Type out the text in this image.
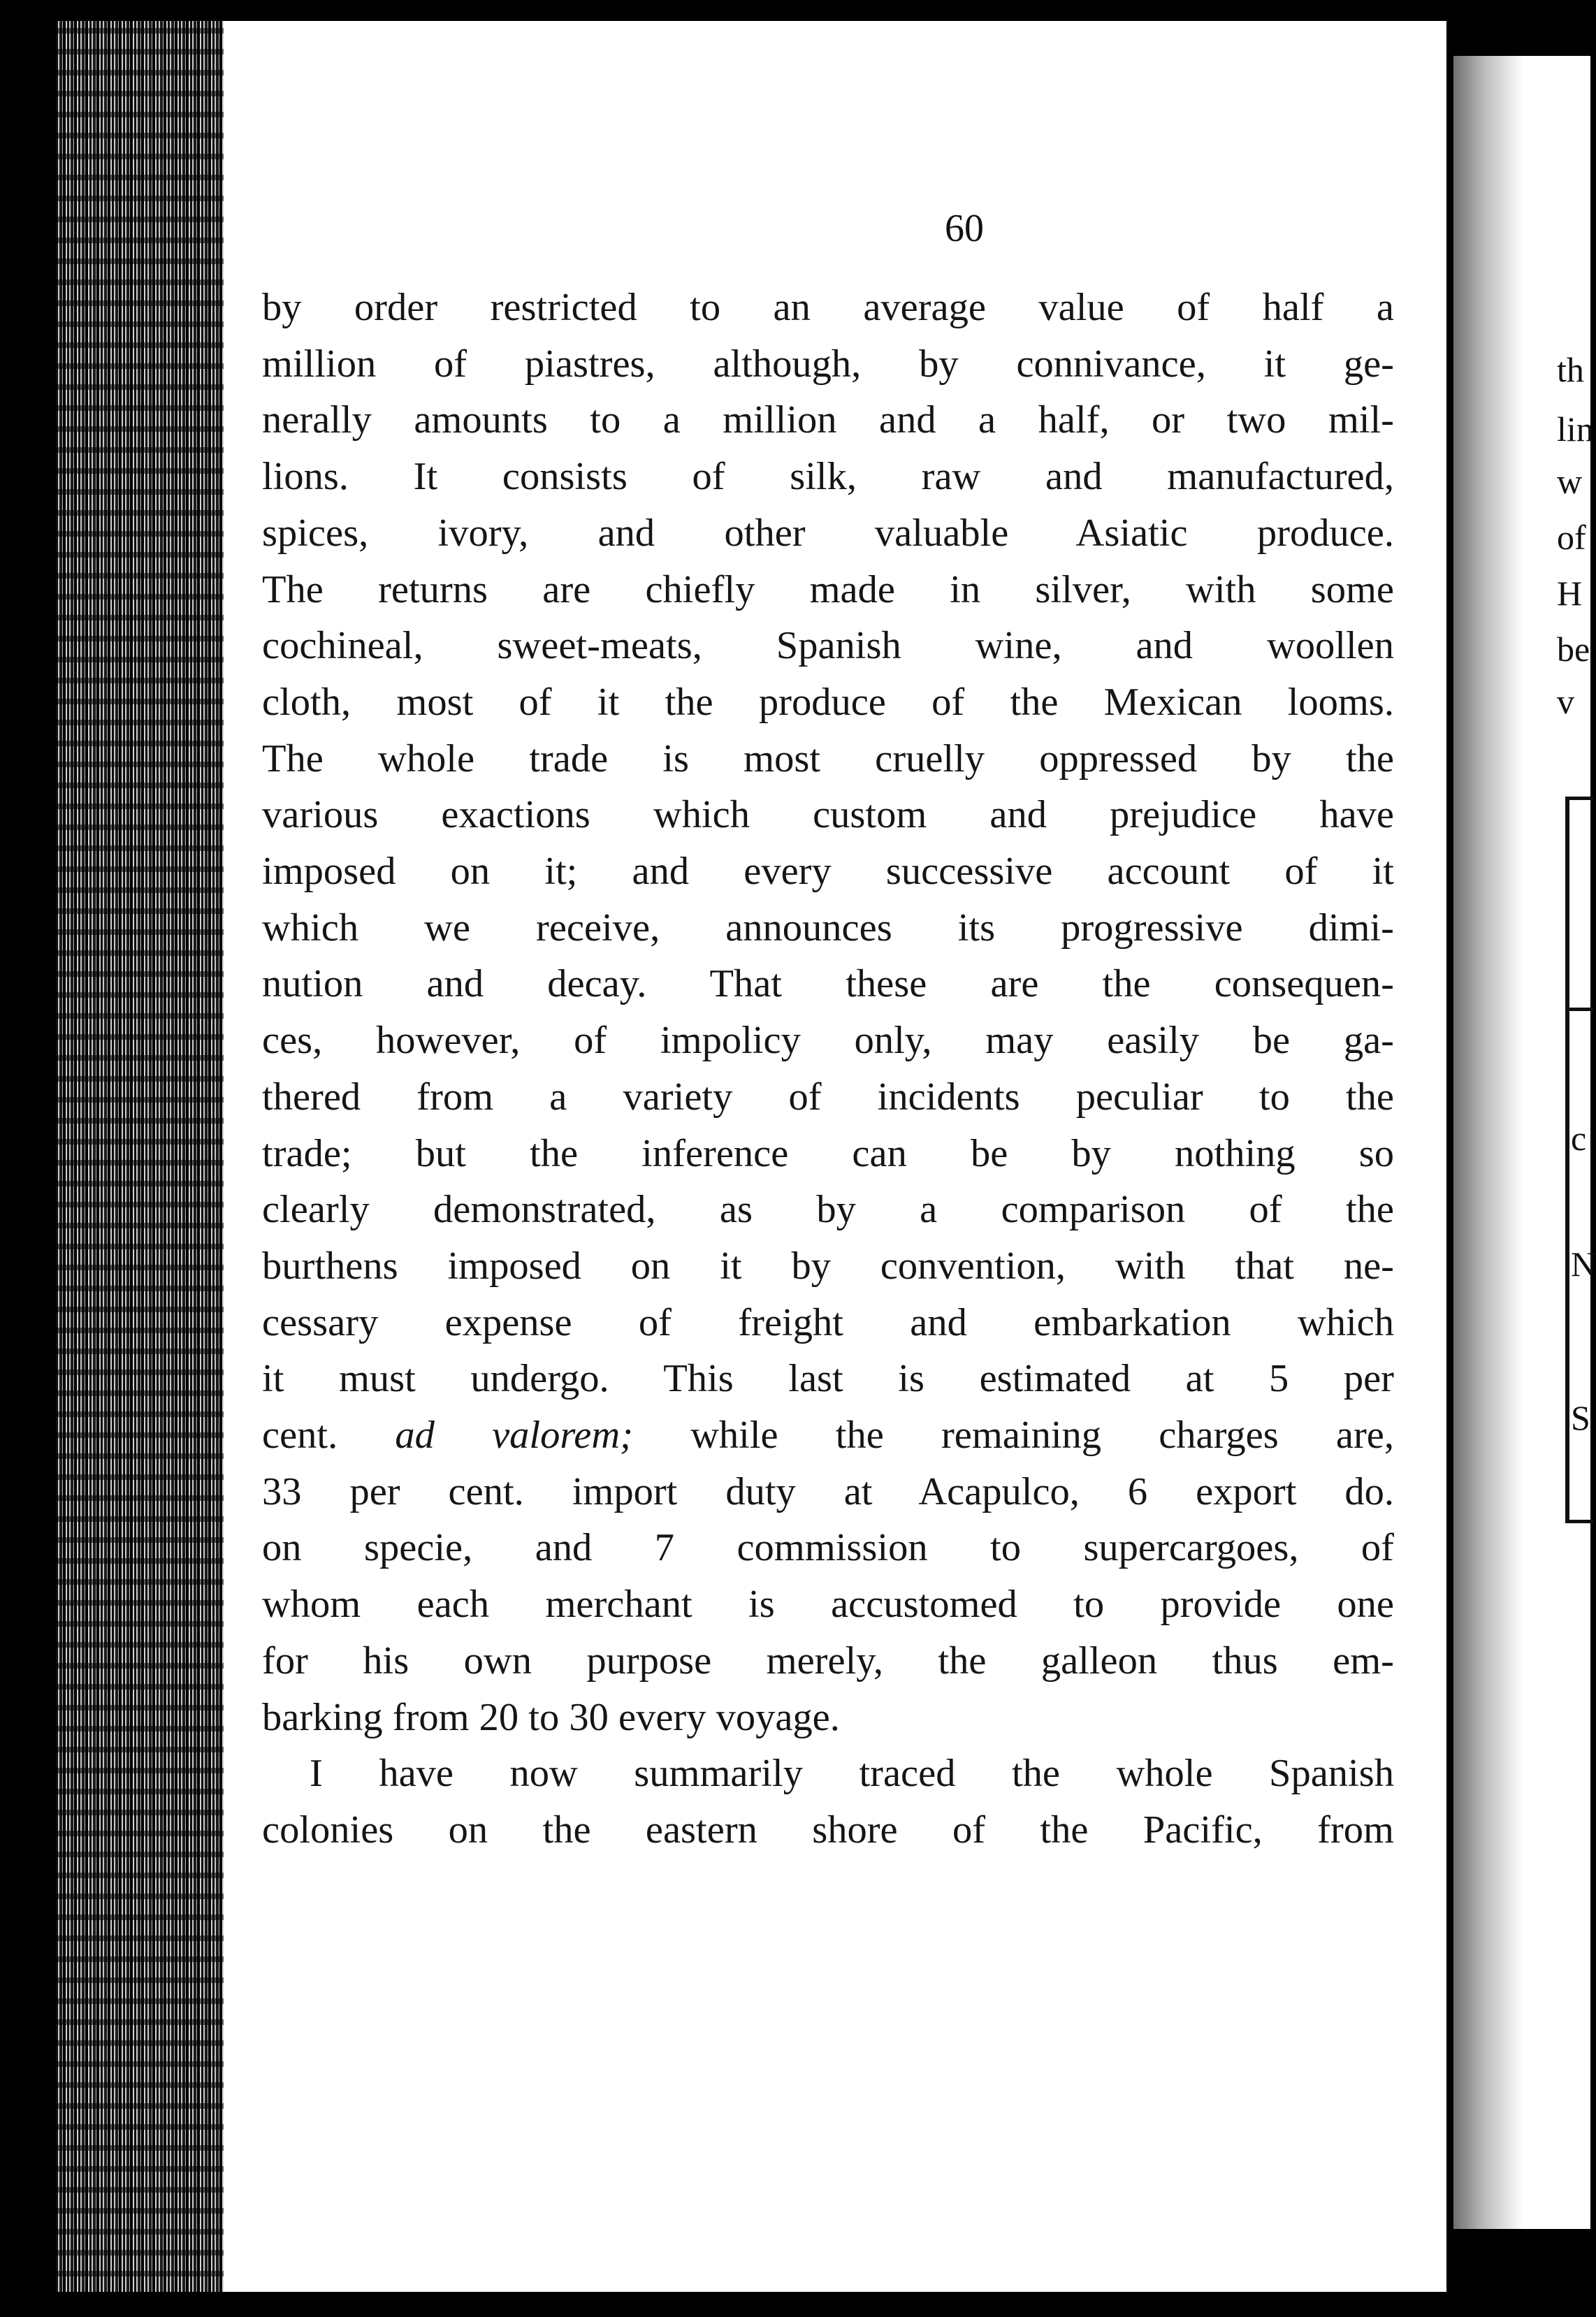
th
lin
w
of
H
be
v
c
N
S
60
by order restricted to an average value of half a
million of piastres, although, by connivance, it ge-
nerally amounts to a million and a half, or two mil-
lions. It consists of silk, raw and manufactured,
spices, ivory, and other valuable Asiatic produce.
The returns are chiefly made in silver, with some
cochineal, sweet-meats, Spanish wine, and woollen
cloth, most of it the produce of the Mexican looms.
The whole trade is most cruelly oppressed by the
various exactions which custom and prejudice have
imposed on it; and every successive account of it
which we receive, announces its progressive dimi-
nution and decay. That these are the consequen-
ces, however, of impolicy only, may easily be ga-
thered from a variety of incidents peculiar to the
trade; but the inference can be by nothing so
clearly demonstrated, as by a comparison of the
burthens imposed on it by convention, with that ne-
cessary expense of freight and embarkation which
it must undergo. This last is estimated at 5 per
cent. ad valorem; while the remaining charges are,
33 per cent. import duty at Acapulco, 6 export do.
on specie, and 7 commission to supercargoes, of
whom each merchant is accustomed to provide one
for his own purpose merely, the galleon thus em-
barking from 20 to 30 every voyage.
I have now summarily traced the whole Spanish
colonies on the eastern shore of the Pacific, from
